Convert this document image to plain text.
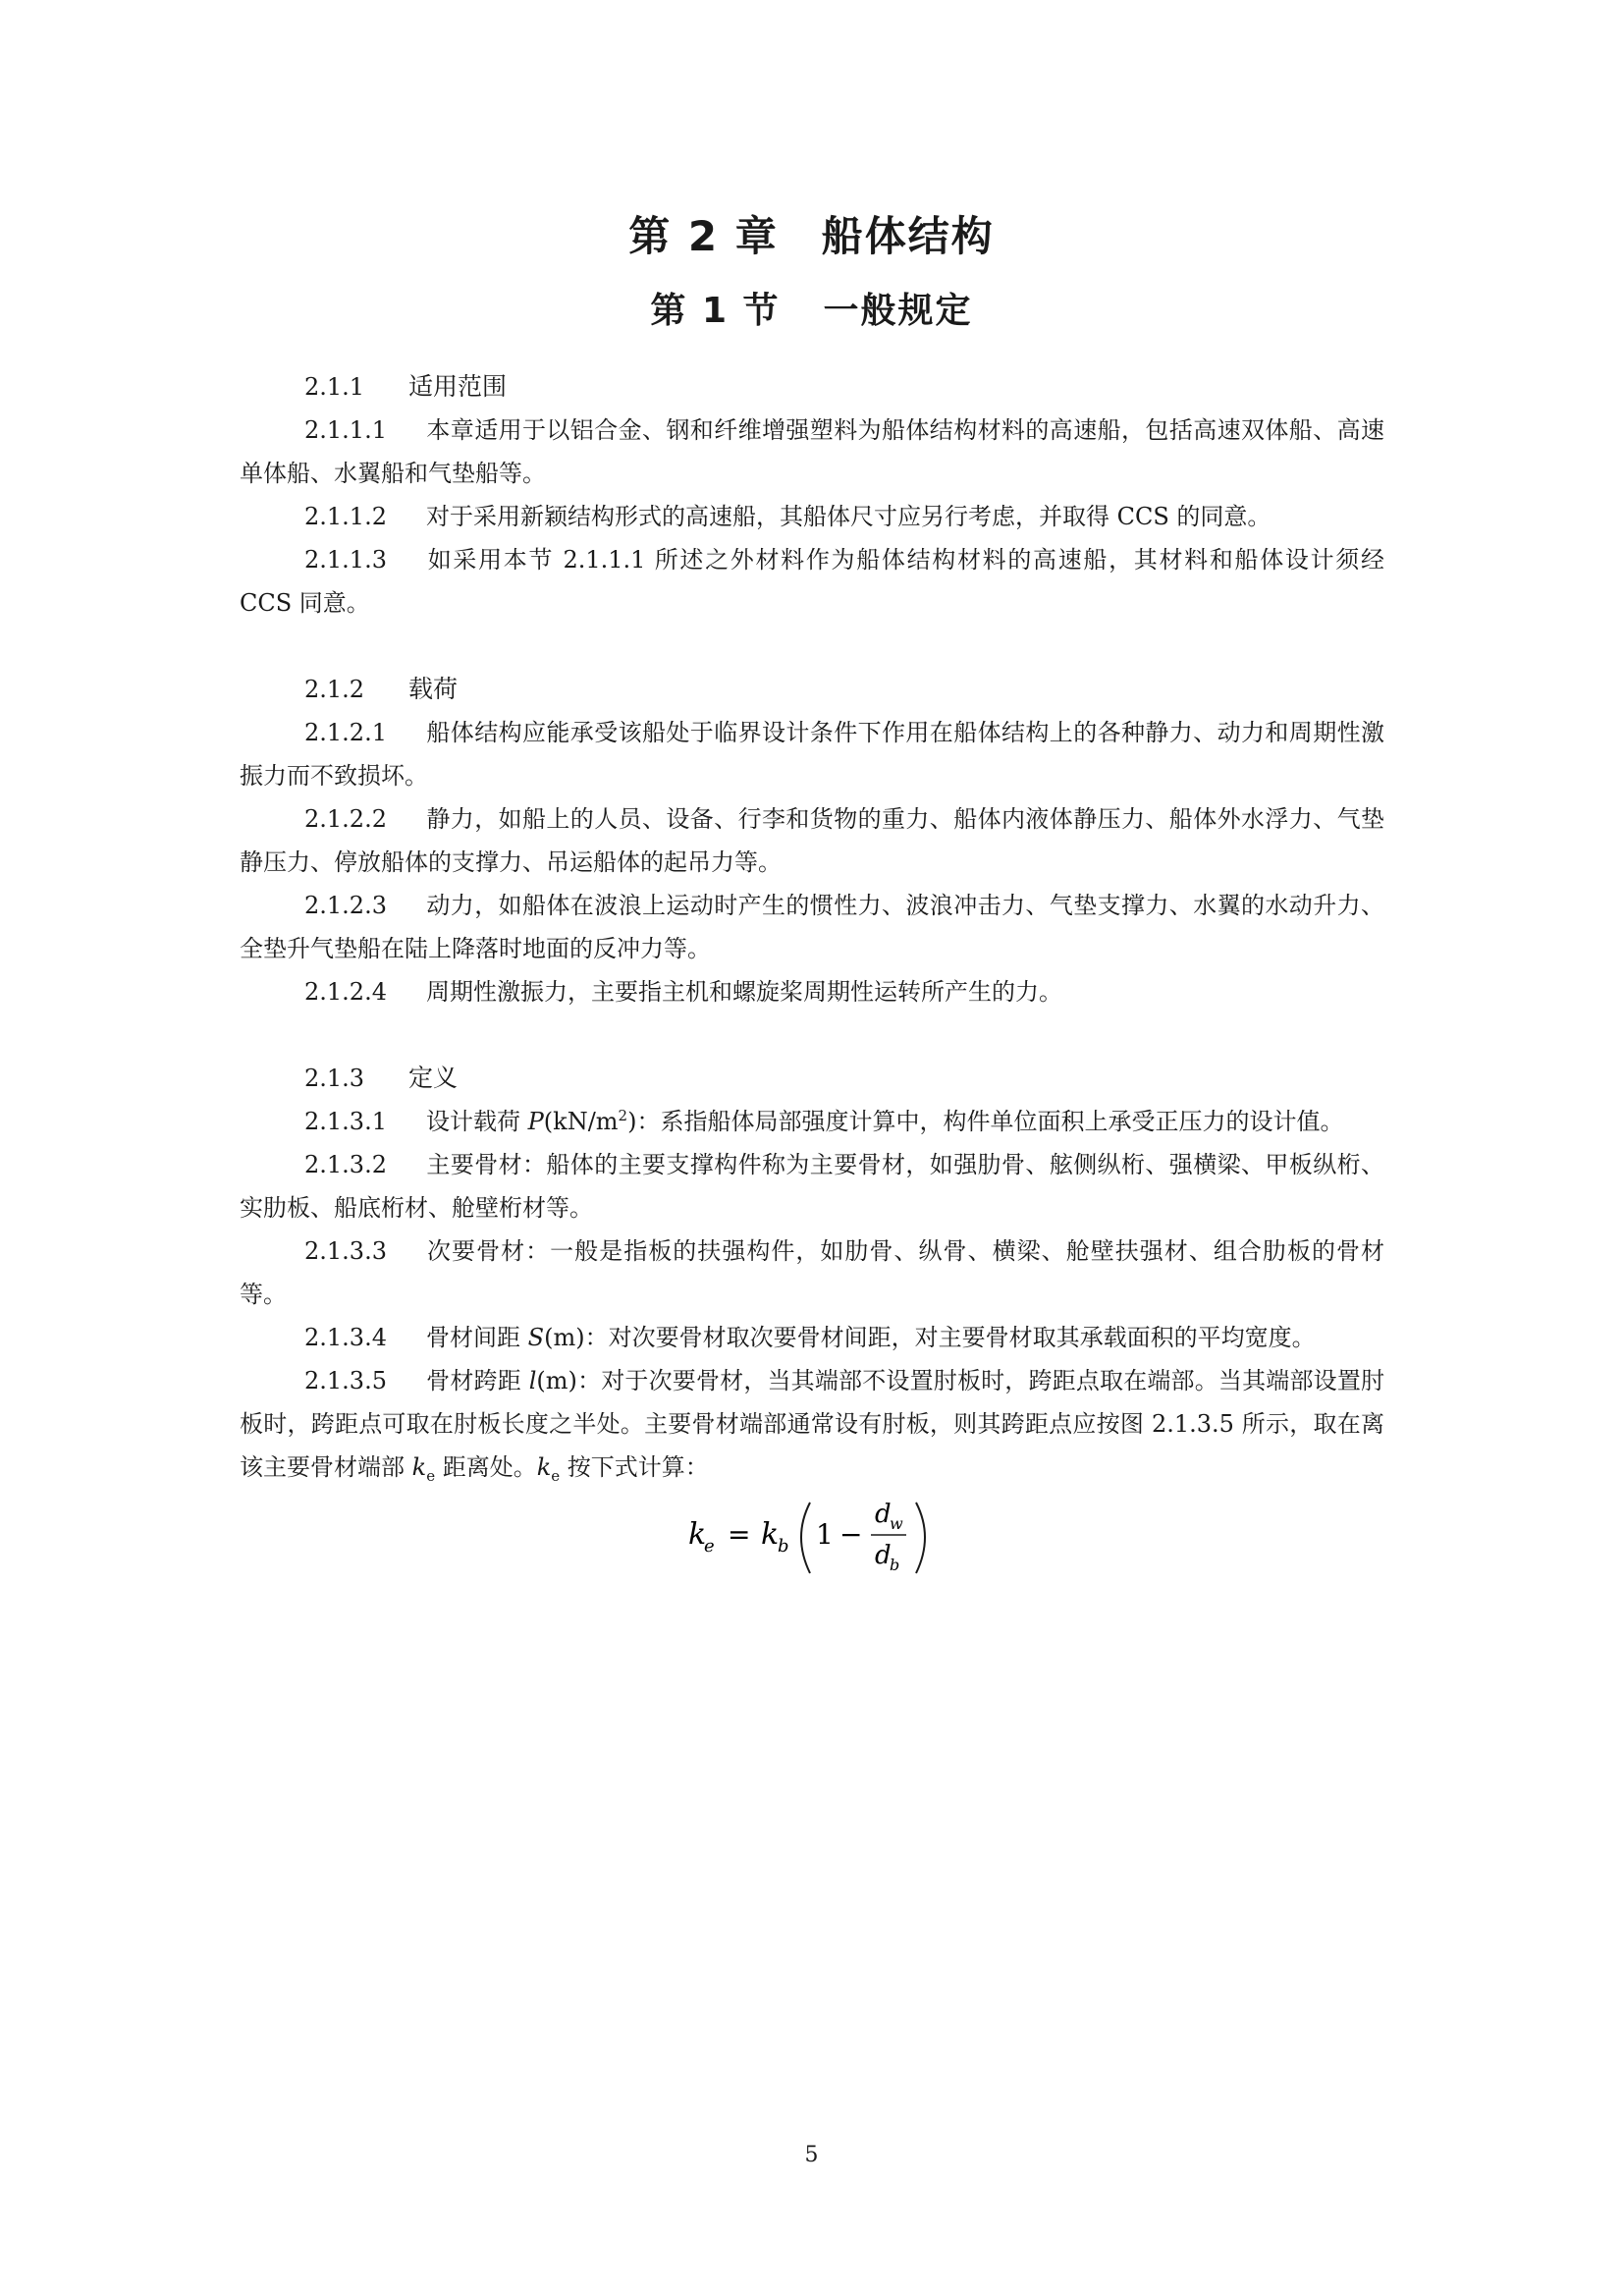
第 2 章 船体结构
第 1 节 一般规定
2.1.1 适用范围
2.1.1.1 本章适用于以铝合金、钢和纤维增强塑料为船体结构材料的高速船，包括高速双体船、高速单体船、水翼船和气垫船等。
2.1.1.2 对于采用新颖结构形式的高速船，其船体尺寸应另行考虑，并取得 CCS 的同意。
2.1.1.3 如采用本节 2.1.1.1 所述之外材料作为船体结构材料的高速船，其材料和船体设计须经 CCS 同意。
2.1.2 载荷
2.1.2.1 船体结构应能承受该船处于临界设计条件下作用在船体结构上的各种静力、动力和周期性激振力而不致损坏。
2.1.2.2 静力，如船上的人员、设备、行李和货物的重力、船体内液体静压力、船体外水浮力、气垫静压力、停放船体的支撑力、吊运船体的起吊力等。
2.1.2.3 动力，如船体在波浪上运动时产生的惯性力、波浪冲击力、气垫支撑力、水翼的水动升力、全垫升气垫船在陆上降落时地面的反冲力等。
2.1.2.4 周期性激振力，主要指主机和螺旋桨周期性运转所产生的力。
2.1.3 定义
2.1.3.1 设计载荷 $P(kN/m^2)$：系指船体局部强度计算中，构件单位面积上承受正压力的设计值。
2.1.3.2 主要骨材：船体的主要支撑构件称为主要骨材，如强肋骨、舷侧纵桁、强横梁、甲板纵桁、实肋板、船底桁材、舱壁桁材等。
2.1.3.3 次要骨材：一般是指板的扶强构件，如肋骨、纵骨、横梁、舱壁扶强材、组合肋板的骨材等。
2.1.3.4 骨材间距 S(m)：对次要骨材取次要骨材间距，对主要骨材取其承载面积的平均宽度。
2.1.3.5 骨材跨距 l(m)：对于次要骨材，当其端部不设置肘板时，跨距点取在端部。当其端部设置肘板时，跨距点可取在肘板长度之半处。主要骨材端部通常设有肘板，则其跨距点应按图 2.1.3.5 所示，取在离该主要骨材端部 $k_e$ 距离处。$k_e$ 按下式计算：
k
e = k
b 1 −
d
w
d
b
5
